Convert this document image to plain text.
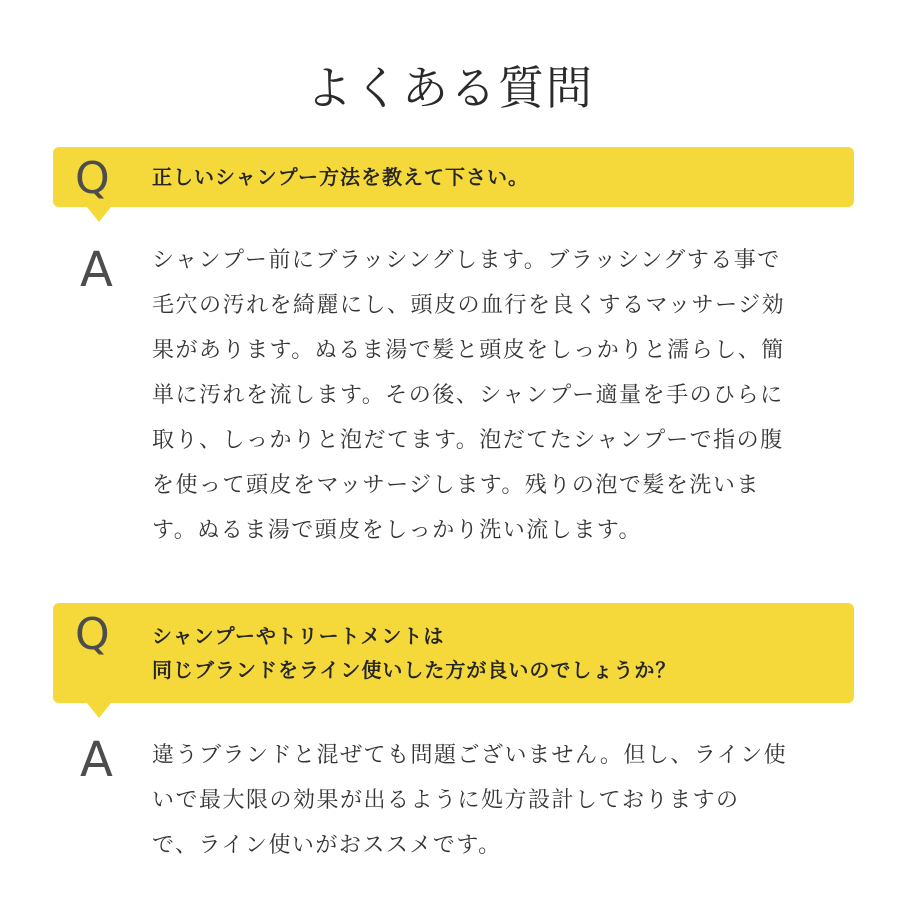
よくある質問
Q 正しいシャンプー方法を教えて下さい。
A シャンプー前にブラッシングします。ブラッシングする事で
毛穴の汚れを綺麗にし、頭皮の血行を良くするマッサージ効
果があります。ぬるま湯で髪と頭皮をしっかりと濡らし、簡
単に汚れを流します。その後、シャンプー適量を手のひらに
取り、しっかりと泡だてます。泡だてたシャンプーで指の腹
を使って頭皮をマッサージします。残りの泡で髪を洗いま
す。ぬるま湯で頭皮をしっかり洗い流します。
Q シャンプーやトリートメントは
同じブランドをライン使いした方が良いのでしょうか？
A 違うブランドと混ぜても問題ございません。但し、ライン使
いで最大限の効果が出るように処方設計しておりますの
で、ライン使いがおススメです。
